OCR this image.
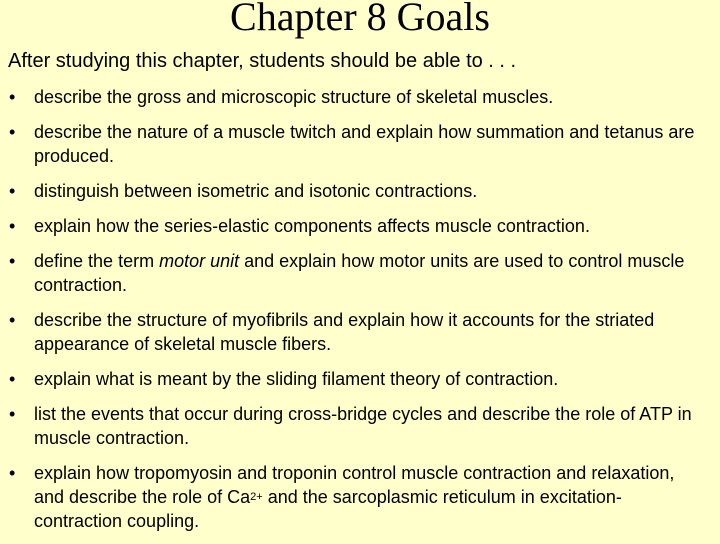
Chapter 8 Goals

After studying this chapter, students should be able to . . .

• describe the gross and microscopic structure of skeletal muscles.
• describe the nature of a muscle twitch and explain how summation and tetanus are produced.
• distinguish between isometric and isotonic contractions.
• explain how the series-elastic components affects muscle contraction.
• define the term motor unit and explain how motor units are used to control muscle contraction.
• describe the structure of myofibrils and explain how it accounts for the striated appearance of skeletal muscle fibers.
• explain what is meant by the sliding filament theory of contraction.
• list the events that occur during cross-bridge cycles and describe the role of ATP in muscle contraction.
• explain how tropomyosin and troponin control muscle contraction and relaxation, and describe the role of $Ca^{2+}$ and the sarcoplasmic reticulum in excitation-contraction coupling.
